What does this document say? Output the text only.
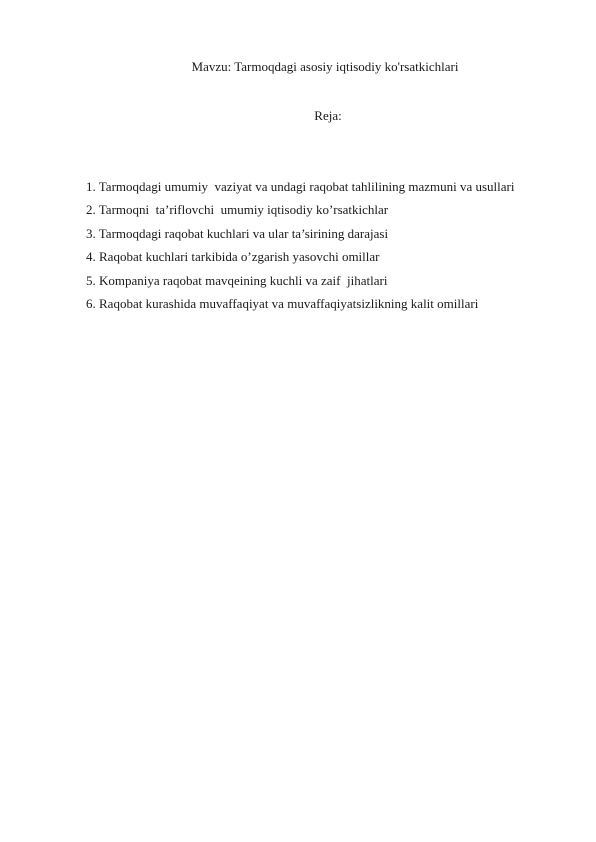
Mavzu: Tarmoqdagi asosiy iqtisodiy ko'rsatkichlari
Reja:
1. Tarmoqdagi umumiy  vaziyat va undagi raqobat tahlilining mazmuni va usullari
2. Tarmoqni  ta’riflovchi  umumiy iqtisodiy ko’rsatkichlar
3. Tarmoqdagi raqobat kuchlari va ular ta’sirining darajasi
4. Raqobat kuchlari tarkibida o’zgarish yasovchi omillar
5. Kompaniya raqobat mavqeining kuchli va zaif  jihatlari
6. Raqobat kurashida muvaffaqiyat va muvaffaqiyatsizlikning kalit omillari
